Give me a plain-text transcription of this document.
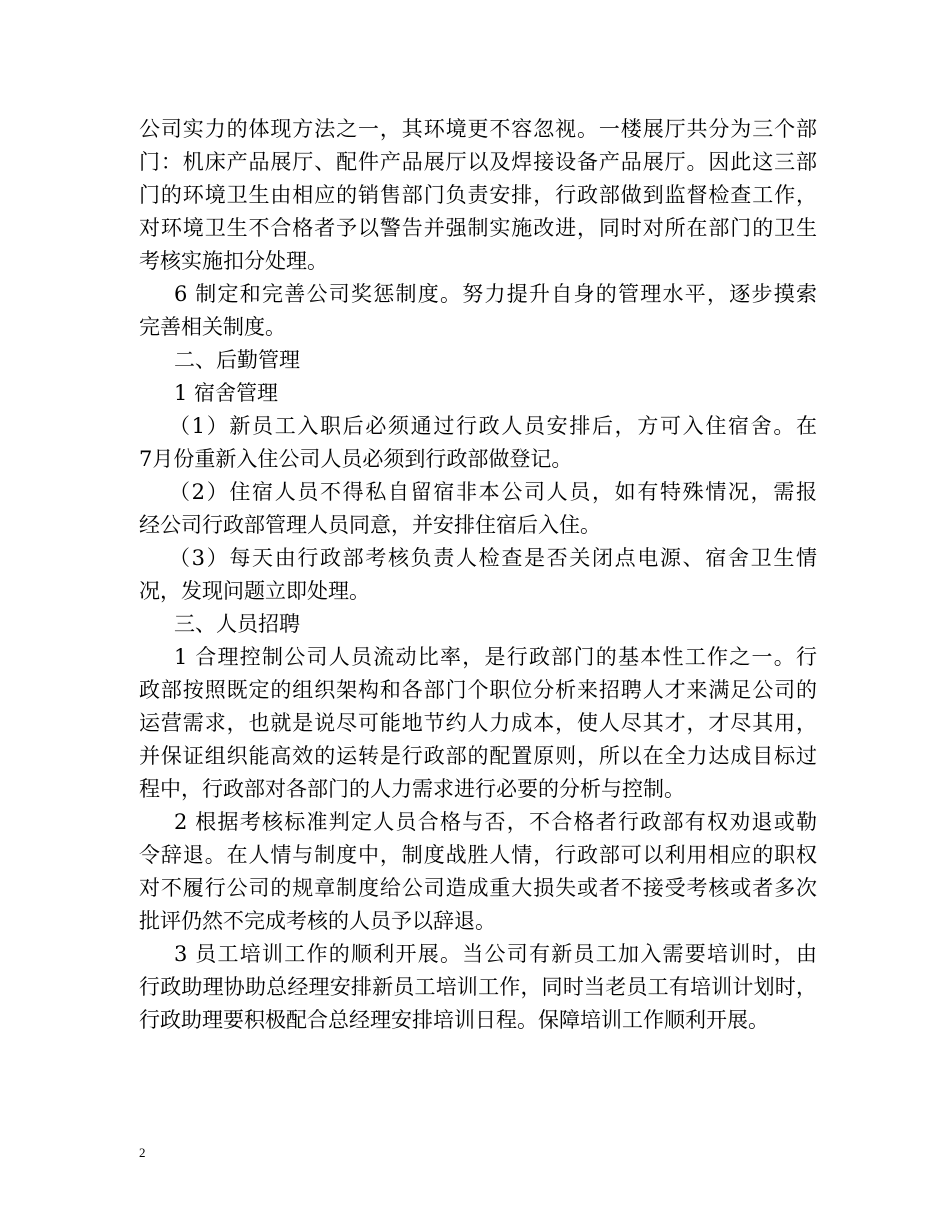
公司实力的体现方法之一，其环境更不容忽视。一楼展厅共分为三个部
门：机床产品展厅、配件产品展厅以及焊接设备产品展厅。因此这三部
门的环境卫生由相应的销售部门负责安排，行政部做到监督检查工作，
对环境卫生不合格者予以警告并强制实施改进，同时对所在部门的卫生
考核实施扣分处理。
6 制定和完善公司奖惩制度。努力提升自身的管理水平，逐步摸索
完善相关制度。
二、后勤管理
1 宿舍管理
（1）新员工入职后必须通过行政人员安排后，方可入住宿舍。在
7月份重新入住公司人员必须到行政部做登记。
（2）住宿人员不得私自留宿非本公司人员，如有特殊情况，需报
经公司行政部管理人员同意，并安排住宿后入住。
（3）每天由行政部考核负责人检查是否关闭点电源、宿舍卫生情
况，发现问题立即处理。
三、人员招聘
1 合理控制公司人员流动比率，是行政部门的基本性工作之一。行
政部按照既定的组织架构和各部门个职位分析来招聘人才来满足公司的
运营需求，也就是说尽可能地节约人力成本，使人尽其才，才尽其用，
并保证组织能高效的运转是行政部的配置原则，所以在全力达成目标过
程中，行政部对各部门的人力需求进行必要的分析与控制。
2 根据考核标准判定人员合格与否，不合格者行政部有权劝退或勒
令辞退。在人情与制度中，制度战胜人情，行政部可以利用相应的职权
对不履行公司的规章制度给公司造成重大损失或者不接受考核或者多次
批评仍然不完成考核的人员予以辞退。
3 员工培训工作的顺利开展。当公司有新员工加入需要培训时，由
行政助理协助总经理安排新员工培训工作，同时当老员工有培训计划时，
行政助理要积极配合总经理安排培训日程。保障培训工作顺利开展。
2
